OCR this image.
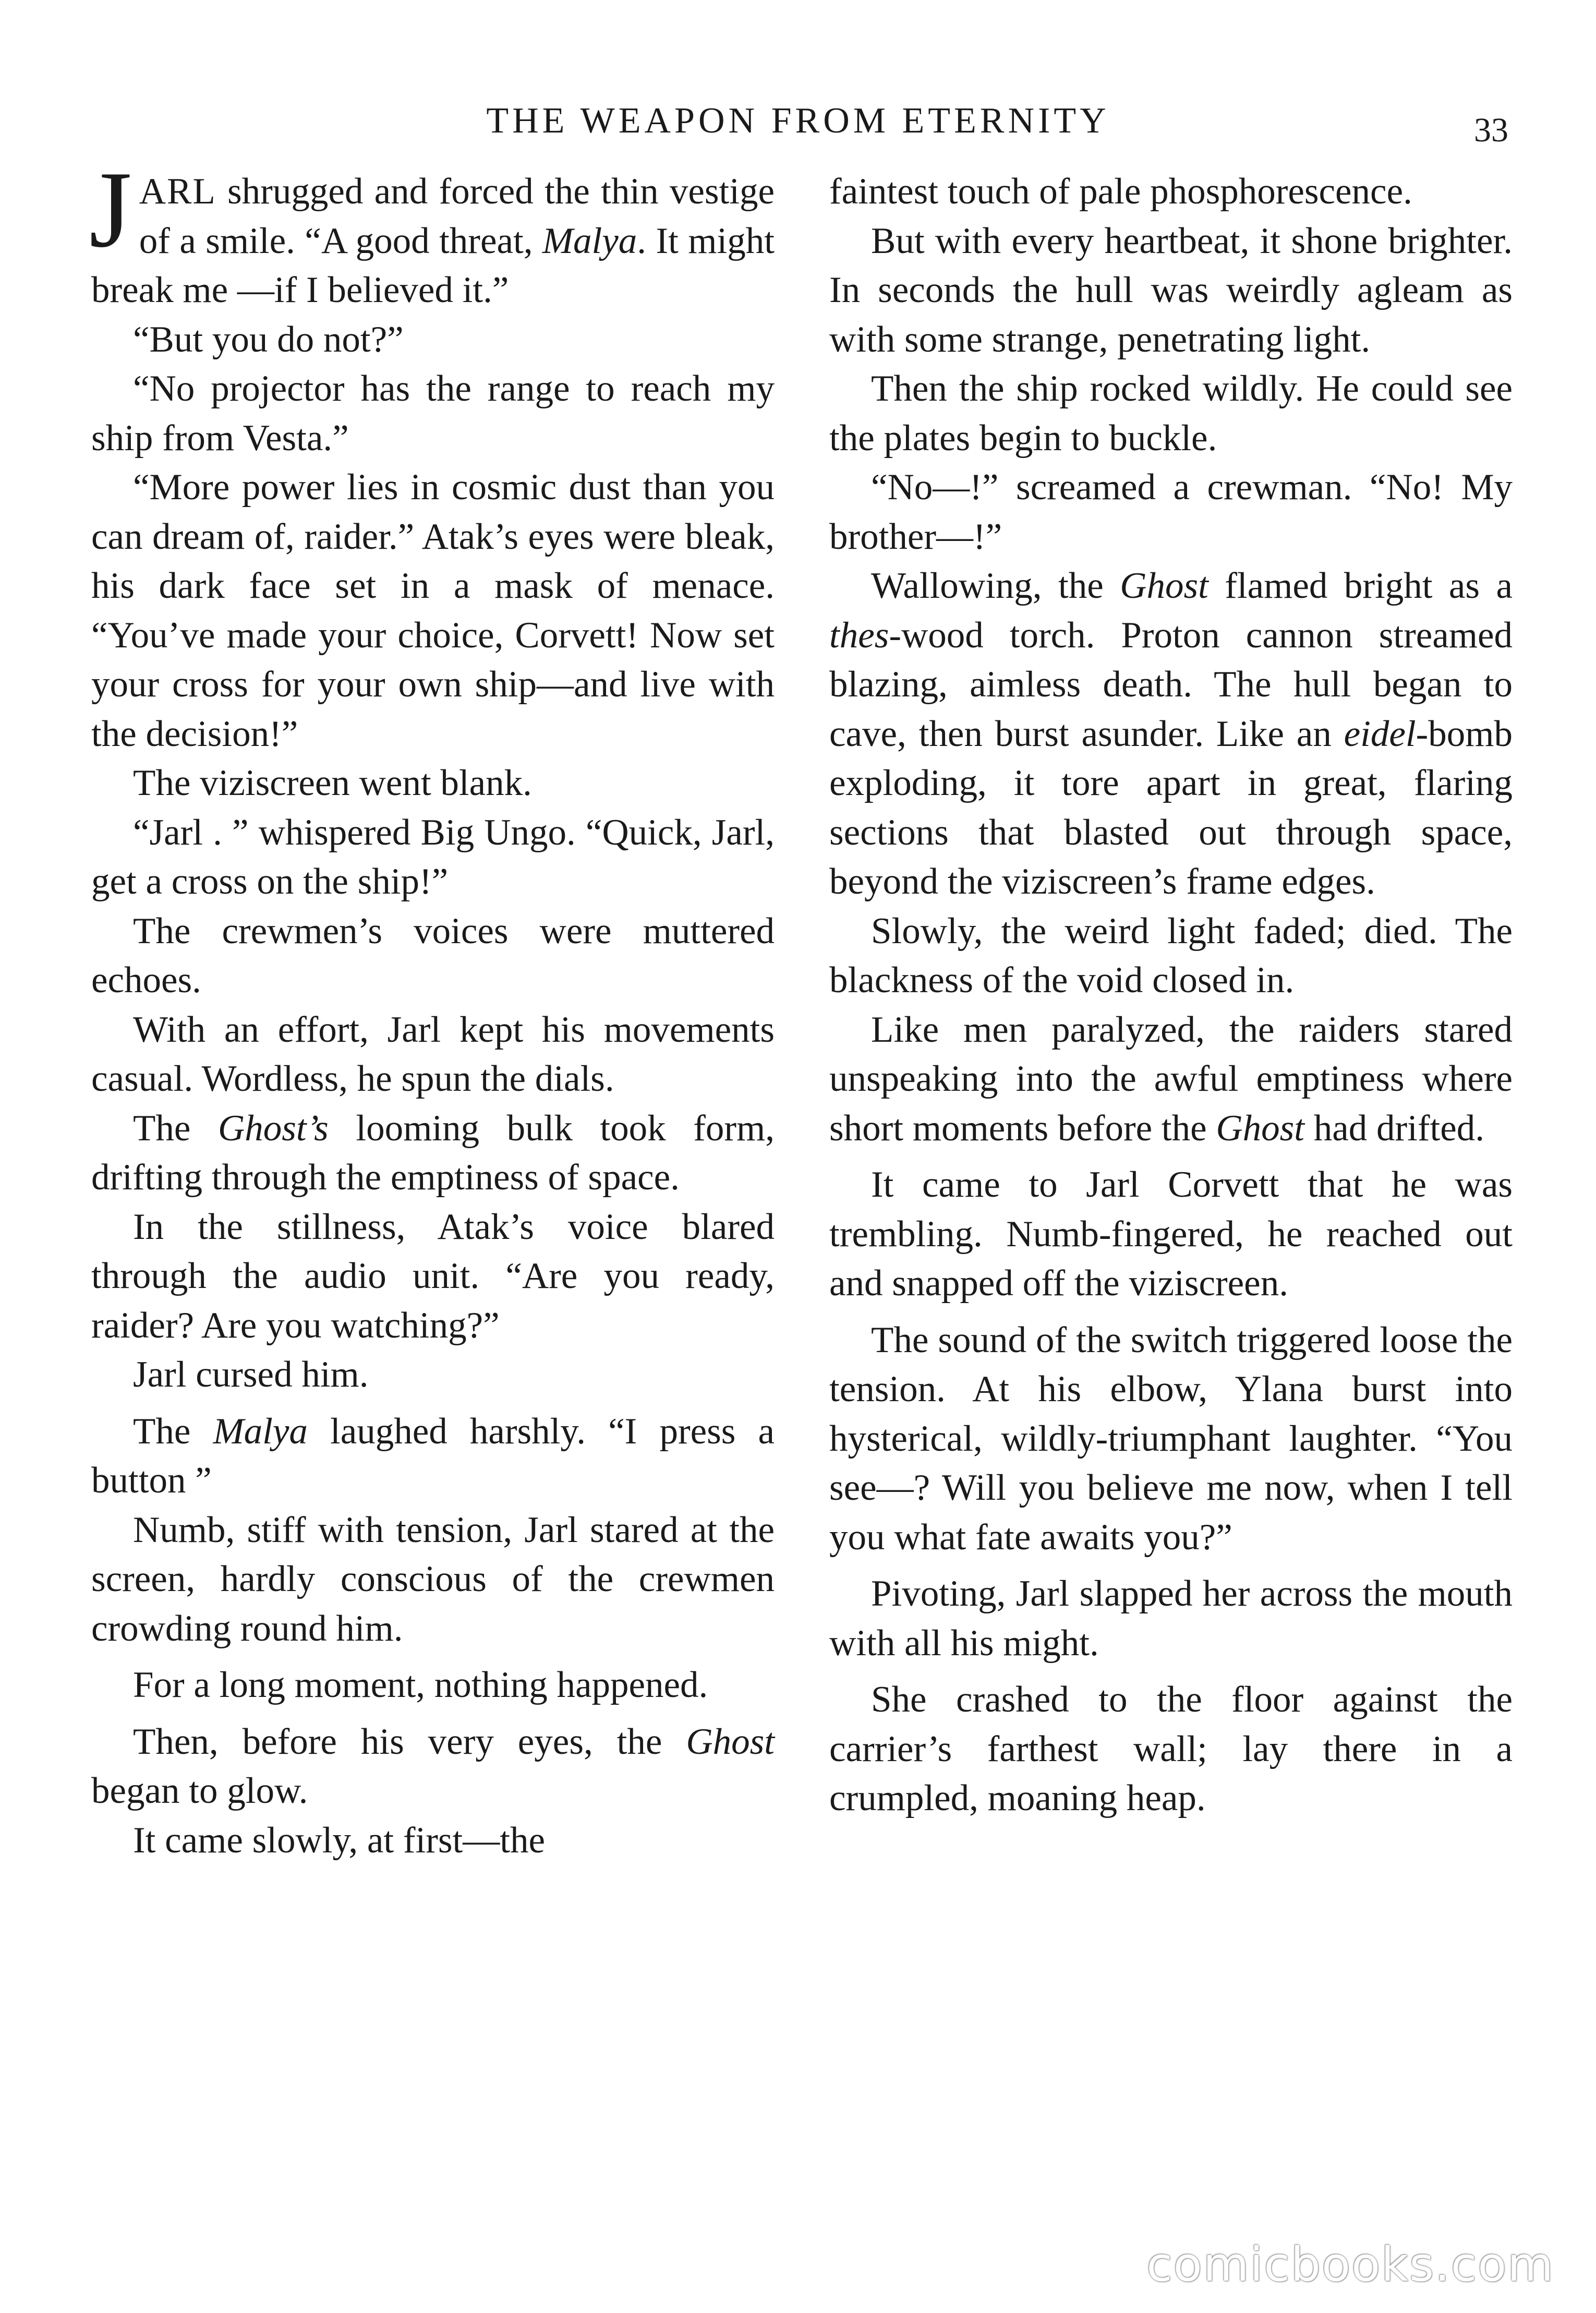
THE WEAPON FROM ETERNITY	33

JARL shrugged and forced the thin vestige of a smile. “A good threat, Malya. It might break me —if I believed it.”

“But you do not?”

“No projector has the range to reach my ship from Vesta.”

“More power lies in cosmic dust than you can dream of, raider.” Atak’s eyes were bleak, his dark face set in a mask of menace. “You’ve made your choice, Corvett! Now set your cross for your own ship—and live with the decision!”

The viziscreen went blank.

“Jarl . ” whispered Big Ungo. “Quick, Jarl, get a cross on the ship!”

The crewmen’s voices were muttered echoes.

With an effort, Jarl kept his movements casual. Wordless, he spun the dials.

The Ghost’s looming bulk took form, drifting through the emptiness of space.

In the stillness, Atak’s voice blared through the audio unit. “Are you ready, raider? Are you watching?”

Jarl cursed him.

The Malya laughed harshly. “I press a button ”

Numb, stiff with tension, Jarl stared at the screen, hardly conscious of the crewmen crowding round him.

For a long moment, nothing happened.

Then, before his very eyes, the Ghost began to glow.

It came slowly, at first—the

faintest touch of pale phosphorescence.

But with every heartbeat, it shone brighter. In seconds the hull was weirdly agleam as with some strange, penetrating light.

Then the ship rocked wildly. He could see the plates begin to buckle.

“No—!” screamed a crewman. “No! My brother—!”

Wallowing, the Ghost flamed bright as a thes-wood torch. Proton cannon streamed blazing, aimless death. The hull began to cave, then burst asunder. Like an eidel-bomb exploding, it tore apart in great, flaring sections that blasted out through space, beyond the viziscreen’s frame edges.

Slowly, the weird light faded; died. The blackness of the void closed in.

Like men paralyzed, the raiders stared unspeaking into the awful emptiness where short moments before the Ghost had drifted.

It came to Jarl Corvett that he was trembling. Numb-fingered, he reached out and snapped off the viziscreen.

The sound of the switch triggered loose the tension. At his elbow, Ylana burst into hysterical, wildly-triumphant laughter. “You see—? Will you believe me now, when I tell you what fate awaits you?”

Pivoting, Jarl slapped her across the mouth with all his might.

She crashed to the floor against the carrier’s farthest wall; lay there in a crumpled, moaning heap.

comicbooks.com
